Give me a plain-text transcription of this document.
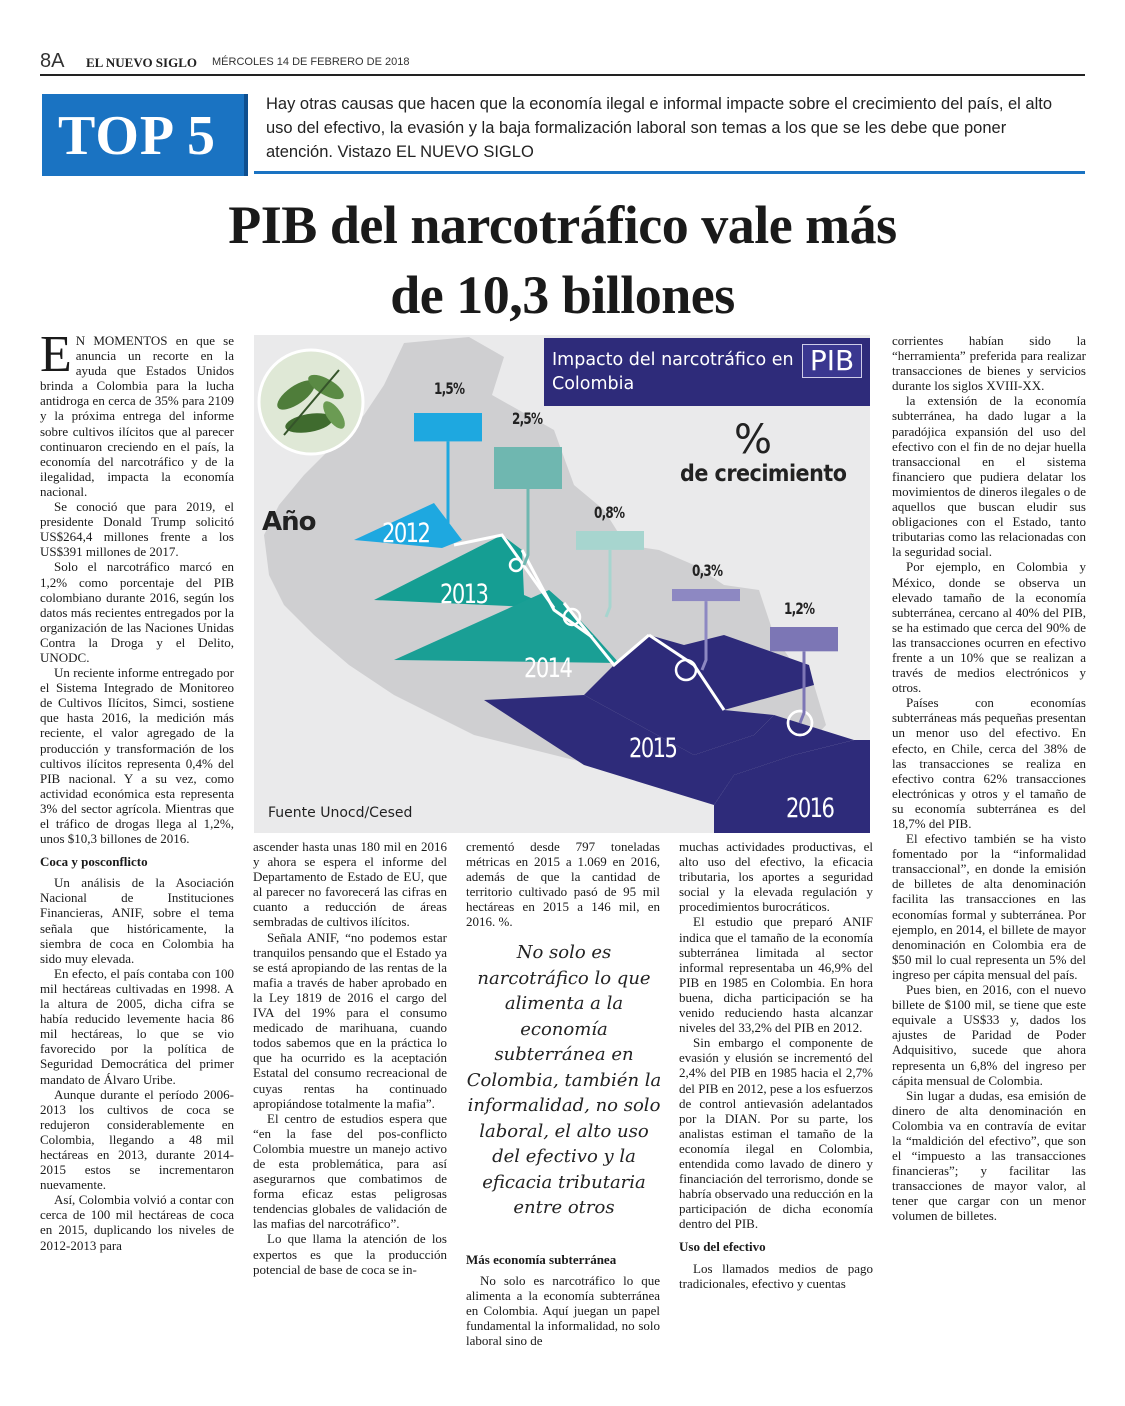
8A EL NUEVO SIGLO MÉRCOLES 14 DE FEBRERO DE 2018
TOP 5
Hay otras causas que hacen que la economía ilegal e informal impacte sobre el crecimiento del país, el alto uso del efectivo, la evasión y la baja formalización laboral son temas a los que se les debe que poner atención. Vistazo EL NUEVO SIGLO
PIB del narcotráfico vale más
de 10,3 billones
Impacto del narcotráfico en Colombia
PIB
%
de crecimiento
Año 2012
2013
2014
2015
2016
1,5%
2,5%
0,8%
0,3%
1,2%
Fuente Unocd/Cesed

E N MOMENTOS en que se anuncia un recorte en la ayuda que Estados Unidos brinda a Colombia para la lucha antidroga en cerca de 35% para 2109 y la próxima entrega del informe sobre cultivos ilícitos que al parecer continuaron creciendo en el país, la economía del narcotráfico y de la ilegalidad, impacta la economía nacional.

Se conoció que para 2019, el presidente Donald Trump solicitó US$264,4 millones frente a los US$391 millones de 2017.

Solo el narcotráfico marcó en 1,2% como porcentaje del PIB colombiano durante 2016, según los datos más recientes entregados por la organización de las Naciones Unidas Contra la Droga y el Delito, UNODC.

Un reciente informe entregado por el Sistema Integrado de Monitoreo de Cultivos Ilícitos, Simci, sostiene que hasta 2016, la medición más reciente, el valor agregado de la producción y transformación de los cultivos ilícitos representa 0,4% del PIB nacional. Y a su vez, como actividad económica esta representa 3% del sector agrícola. Mientras que el tráfico de drogas llega al 1,2%, unos $10,3 billones de 2016.

Coca y posconflicto

Un análisis de la Asociación Nacional de Instituciones Financieras, ANIF, sobre el tema señala que históricamente, la siembra de coca en Colombia ha sido muy elevada.

En efecto, el país contaba con 100 mil hectáreas cultivadas en 1998. A la altura de 2005, dicha cifra se había reducido levemente hacia 86 mil hectáreas, lo que se vio favorecido por la política de Seguridad Democrática del primer mandato de Álvaro Uribe.

Aunque durante el período 2006-2013 los cultivos de coca se redujeron considerablemente en Colombia, llegando a 48 mil hectáreas en 2013, durante 2014-2015 estos se incrementaron nuevamente.

Así, Colombia volvió a contar con cerca de 100 mil hectáreas de coca en 2015, duplicando los niveles de 2012-2013 para

ascender hasta unas 180 mil en 2016 y ahora se espera el informe del Departamento de Estado de EU, que al parecer no favorecerá las cifras en cuanto a reducción de áreas sembradas de cultivos ilícitos.

Señala ANIF, “no podemos estar tranquilos pensando que el Estado ya se está apropiando de las rentas de la mafia a través de haber aprobado en la Ley 1819 de 2016 el cargo del IVA del 19% para el consumo medicado de marihuana, cuando todos sabemos que en la práctica lo que ha ocurrido es la aceptación Estatal del consumo recreacional de cuyas rentas ha continuado apropiándose totalmente la mafia”.

El centro de estudios espera que “en la fase del pos-conflicto Colombia muestre un manejo activo de esta problemática, para así asegurarnos que combatimos de forma eficaz estas peligrosas tendencias globales de validación de las mafias del narcotráfico”.

Lo que llama la atención de los expertos es que la producción potencial de base de coca se in-

crementó desde 797 toneladas métricas en 2015 a 1.069 en 2016, además de que la cantidad de territorio cultivado pasó de 95 mil hectáreas en 2015 a 146 mil, en 2016. %.

No solo es narcotráfico lo que alimenta a la economía subterránea en Colombia, también la informalidad, no solo laboral, el alto uso del efectivo y la eficacia tributaria entre otros
Más economía subterránea

No solo es narcotráfico lo que alimenta a la economía subterránea en Colombia. Aquí juegan un papel fundamental la informalidad, no solo laboral sino de

muchas actividades productivas, el alto uso del efectivo, la eficacia tributaria, los aportes a seguridad social y la elevada regulación y procedimientos burocráticos.

El estudio que preparó ANIF indica que el tamaño de la economía subterránea limitada al sector informal representaba un 46,9% del PIB en 1985 en Colombia. En hora buena, dicha participación se ha venido reduciendo hasta alcanzar niveles del 33,2% del PIB en 2012.

Sin embargo el componente de evasión y elusión se incrementó del 2,4% del PIB en 1985 hacia el 2,7% del PIB en 2012, pese a los esfuerzos de control antievasión adelantados por la DIAN. Por su parte, los analistas estiman el tamaño de la economía ilegal en Colombia, entendida como lavado de dinero y financiación del terrorismo, donde se habría observado una reducción en la participación de dicha economía dentro del PIB.

Uso del efectivo

Los llamados medios de pago tradicionales, efectivo y cuentas

corrientes habían sido la “herramienta” preferida para realizar transacciones de bienes y servicios durante los siglos XVIII-XX.

la extensión de la economía subterránea, ha dado lugar a la paradójica expansión del uso del efectivo con el fin de no dejar huella transaccional en el sistema financiero que pudiera delatar los movimientos de dineros ilegales o de aquellos que buscan eludir sus obligaciones con el Estado, tanto tributarias como las relacionadas con la seguridad social.

Por ejemplo, en Colombia y México, donde se observa un elevado tamaño de la economía subterránea, cercano al 40% del PIB, se ha estimado que cerca del 90% de las transacciones ocurren en efectivo frente a un 10% que se realizan a través de medios electrónicos y otros.

Países con economías subterráneas más pequeñas presentan un menor uso del efectivo. En efecto, en Chile, cerca del 38% de las transacciones se realiza en efectivo contra 62% transacciones electrónicas y otros y el tamaño de su economía subterránea es del 18,7% del PIB.

El efectivo también se ha visto fomentado por la “informalidad transaccional”, en donde la emisión de billetes de alta denominación facilita las transacciones en las economías formal y subterránea. Por ejemplo, en 2014, el billete de mayor denominación en Colombia era de $50 mil lo cual representa un 5% del ingreso per cápita mensual del país.

Pues bien, en 2016, con el nuevo billete de $100 mil, se tiene que este equivale a US$33 y, dados los ajustes de Paridad de Poder Adquisitivo, sucede que ahora representa un 6,8% del ingreso per cápita mensual de Colombia.

Sin lugar a dudas, esa emisión de dinero de alta denominación en Colombia va en contravía de evitar la “maldición del efectivo”, que son el “impuesto a las transacciones financieras”; y facilitar las transacciones de mayor valor, al tener que cargar con un menor volumen de billetes.
